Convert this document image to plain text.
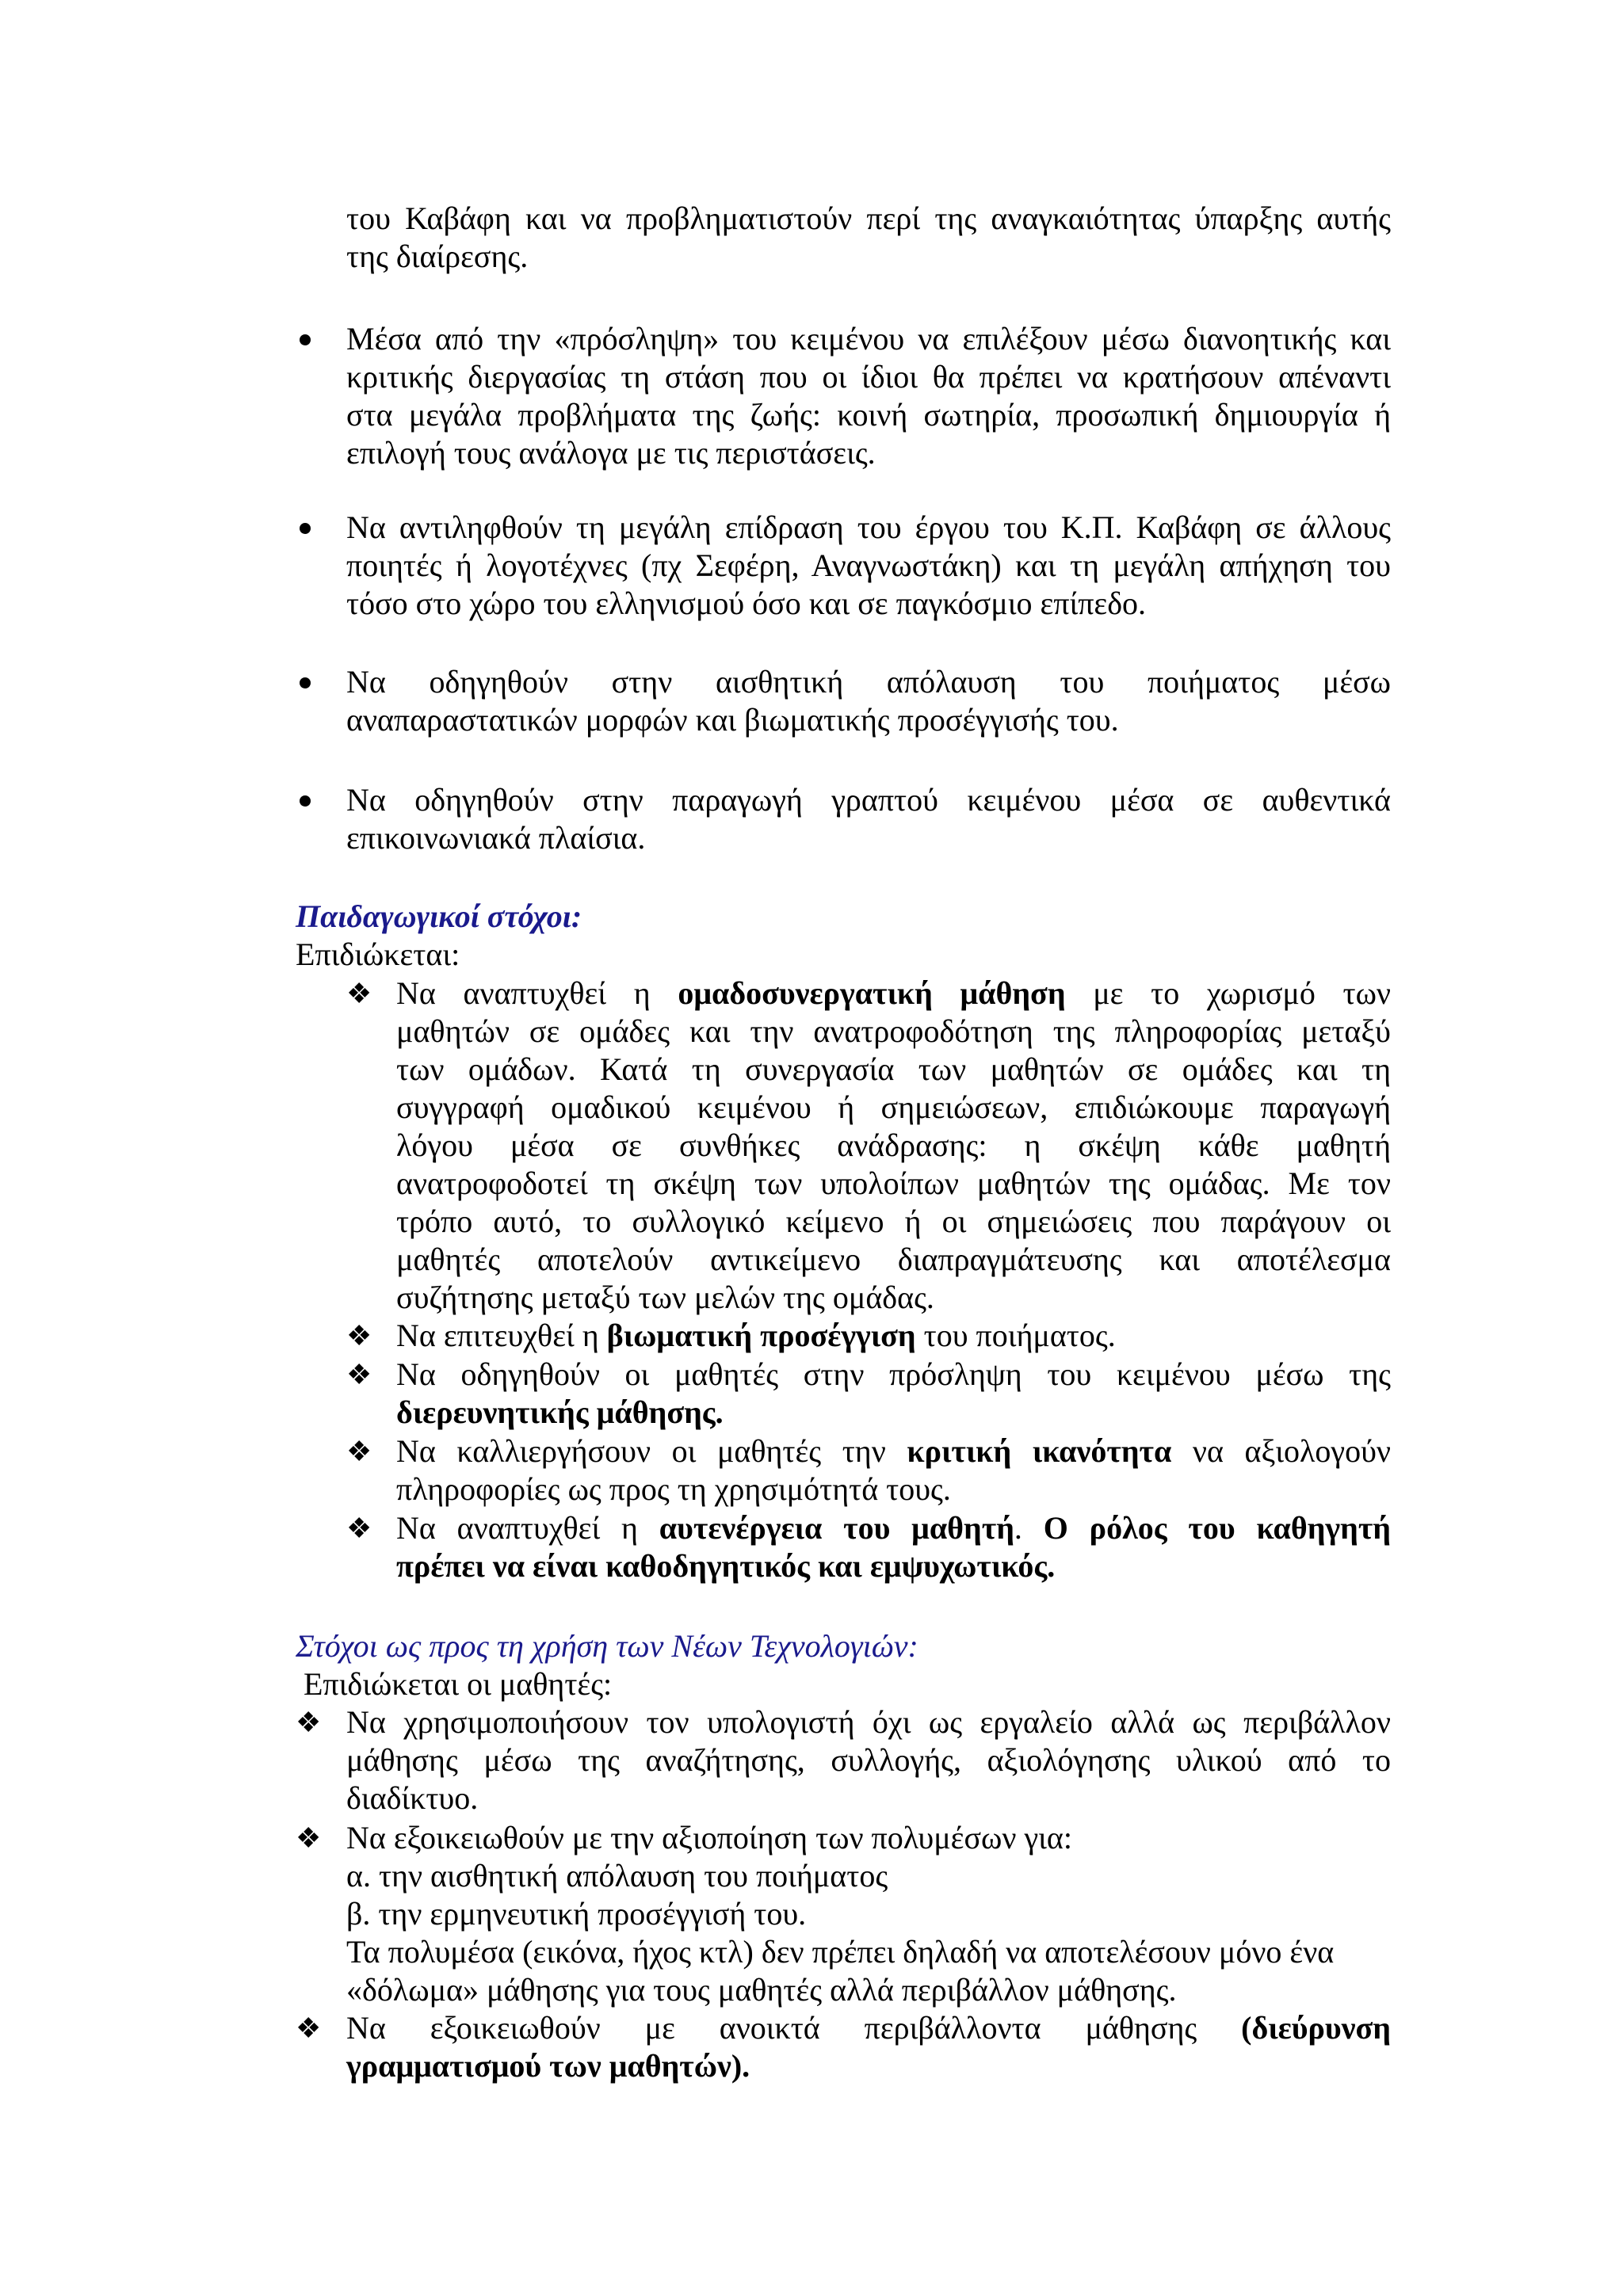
του Καβάφη και να προβληματιστούν περί της αναγκαιότητας ύπαρξης αυτής
της διαίρεσης.
Μέσα από την «πρόσληψη» του κειμένου να επιλέξουν μέσω διανοητικής και
κριτικής διεργασίας τη στάση που οι ίδιοι θα πρέπει να κρατήσουν απέναντι
στα μεγάλα προβλήματα της ζωής: κοινή σωτηρία, προσωπική δημιουργία ή
επιλογή τους ανάλογα με τις περιστάσεις.
Να αντιληφθούν τη μεγάλη επίδραση του έργου του Κ.Π. Καβάφη σε άλλους
ποιητές ή λογοτέχνες (πχ Σεφέρη, Αναγνωστάκη) και τη μεγάλη απήχηση του
τόσο στο χώρο του ελληνισμού όσο και σε παγκόσμιο επίπεδο.
Να οδηγηθούν στην αισθητική απόλαυση του ποιήματος μέσω
αναπαραστατικών μορφών και βιωματικής προσέγγισής του.
Να οδηγηθούν στην παραγωγή γραπτού κειμένου μέσα σε αυθεντικά
επικοινωνιακά πλαίσια.
Παιδαγωγικοί στόχοι:
Επιδιώκεται:
❖ Να αναπτυχθεί η ομαδοσυνεργατική μάθηση με το χωρισμό των
μαθητών σε ομάδες και την ανατροφοδότηση της πληροφορίας μεταξύ
των ομάδων. Κατά τη συνεργασία των μαθητών σε ομάδες και τη
συγγραφή ομαδικού κειμένου ή σημειώσεων, επιδιώκουμε παραγωγή
λόγου μέσα σε συνθήκες ανάδρασης: η σκέψη κάθε μαθητή
ανατροφοδοτεί τη σκέψη των υπολοίπων μαθητών της ομάδας. Με τον
τρόπο αυτό, το συλλογικό κείμενο ή οι σημειώσεις που παράγουν οι
μαθητές αποτελούν αντικείμενο διαπραγμάτευσης και αποτέλεσμα
συζήτησης μεταξύ των μελών της ομάδας.
❖ Να επιτευχθεί η βιωματική προσέγγιση του ποιήματος.
❖ Να οδηγηθούν οι μαθητές στην πρόσληψη του κειμένου μέσω της
διερευνητικής μάθησης.
❖ Να καλλιεργήσουν οι μαθητές την κριτική ικανότητα να αξιολογούν
πληροφορίες ως προς τη χρησιμότητά τους.
❖ Να αναπτυχθεί η αυτενέργεια του μαθητή. Ο ρόλος του καθηγητή
πρέπει να είναι καθοδηγητικός και εμψυχωτικός.
Στόχοι ως προς τη χρήση των Νέων Τεχνολογιών:
Επιδιώκεται οι μαθητές:
❖ Να χρησιμοποιήσουν τον υπολογιστή όχι ως εργαλείο αλλά ως περιβάλλον
μάθησης μέσω της αναζήτησης, συλλογής, αξιολόγησης υλικού από το
διαδίκτυο.
❖ Να εξοικειωθούν με την αξιοποίηση των πολυμέσων για:
α. την αισθητική απόλαυση του ποιήματος
β. την ερμηνευτική προσέγγισή του.
Τα πολυμέσα (εικόνα, ήχος κτλ) δεν πρέπει δηλαδή να αποτελέσουν μόνο ένα
«δόλωμα» μάθησης για τους μαθητές αλλά περιβάλλον μάθησης.
❖ Να εξοικειωθούν με ανοικτά περιβάλλοντα μάθησης (διεύρυνση
γραμματισμού των μαθητών).
